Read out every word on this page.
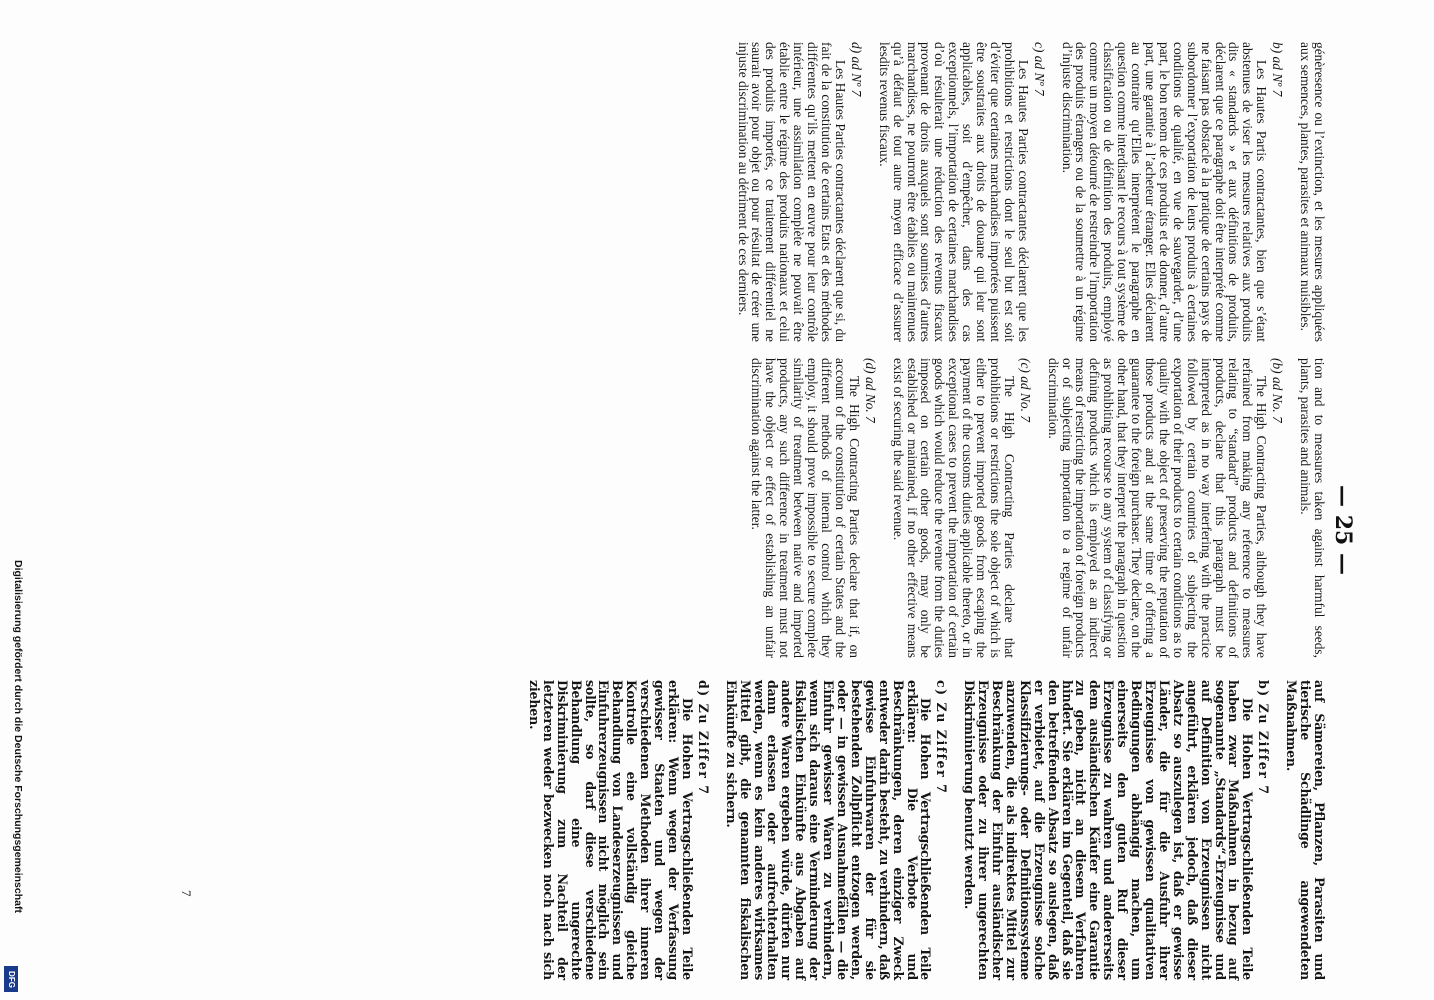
— 25 —

génèresence ou l’extinction, et les mesures appliquées aux semences, plantes, parasites et animaux nuisibles.

b) ad Nº 7

Les Hautes Partis contractantes, bien que s’étant abstenues de viser les mesures relatives aux produits dits « standards » et aux définitions de produits, déclarent que ce paragraphe doit être interprété comme ne faisant pas obstacle à la pratique de certains pays de subordonner l’exportation de leurs produits à certaines conditions de qualité, en vue de sauvegarder, d’une part, le bon renom de ces produits et de donner, d’autre part, une garantie à l’acheteur étranger. Elles déclarent au contraire qu’Elles interprètent le paragraphe en question comme interdisant le recours à tout système de classification ou de définition des produits, employé comme un moyen détourné de restreindre l’importation des produits étrangers ou de la soumettre à un régime d’injuste discrimination.

c) ad Nº 7

Les Hautes Parties contractantes déclarent que les prohibitions et restrictions dont le seul but est soit d’éviter que certaines marchandises importées puissent être soustraites aux droits de douane qui leur sont applicables, soit d’empêcher, dans des cas exceptionnels, l’importation de certaines marchandises d’où résulterait une réduction des revenus fiscaux provenant de droits auxquels sont soumises d’autres marchandises, ne pourront être établies ou maintenues qu’à défaut de tout autre moyen efficace d’assurer lesdits revenus fiscaux.

d) ad Nº 7

Les Hautes Parties contractantes déclarent que si, du fait de la constitution de certains Etats et des méthodes différentes qu’ils mettent en œuvre pour leur contrôle intérieur, une assimilation complète ne pouvait être établie entre le régime des produits nationaux et celui des produits importés, ce traitement différentiel ne saurait avoir pour objet ou pour résultat de créer une injuste discrimination au détriment de ces derniers.

tion and to measures taken against harmful seeds, plants, parasites and animals.

(b) ad No. 7

The High Contracting Parties, although they have refrained from making any reference to measures relating to “standard” products and definitions of products, declare that this paragraph must be interpreted as in no way interfering with the practice followed by certain countries of subjecting the exportation of their products to certain conditions as to quality with the object of preserving the reputation of those products and at the same time of offering a guarantee to the foreign purchaser. They declare, on the other hand, that they interpret the paragraph in question as prohibiting recourse to any system of classifying or defining products which is employed as an indirect means of restricting the importation of foreign products or of subjecting importation to a regime of unfair discrimination.

(c) ad No. 7

The High Contracting Parties declare that prohibitions or restrictions the sole object of which is either to prevent imported goods from escaping the payment of the customs duties applicable thereto, or in exceptional cases to prevent the importation of certain goods which would reduce the revenue from the duties imposed on certain other goods, may only be established or maintained, if no other effective means exist of securing the said revenue.

(d) ad No. 7

The High Contracting Parties declare that if, on account of the constitution of certain States and the different methods of internal control which they employ, it should prove impossible to secure complete similarity of treatment between native and imported products, any such difference in treatment must not have the object or effect of establishing an unfair discrimination against the latter.

auf Sämereien, Pflanzen, Parasiten und tierische Schädlinge angewendeten Maßnahmen.

b) Zu Ziffer 7

Die Hohen Vertragschließenden Teile haben zwar Maßnahmen in bezug auf sogenannte „Standards“-Erzeugnisse und auf Definition von Erzeugnissen nicht angeführt, erklären jedoch, daß dieser Absatz so auszulegen ist, daß er gewisse Länder, die für die Ausfuhr ihrer Erzeugnisse von gewissen qualitativen Bedingungen abhängig machen, um einerseits den guten Ruf dieser Erzeugnisse zu wahren und andererseits dem ausländischen Käufer eine Garantie zu geben, nicht an diesem Verfahren hindert. Sie erklären im Gegenteil, daß sie den betreffenden Absatz so auslegen, daß er verbietet, auf die Erzeugnisse solche Klassifizierungs- oder Definitionssysteme anzuwenden, die als indirektes Mittel zur Beschränkung der Einfuhr ausländischer Erzeugnisse oder zu ihrer ungerechten Diskriminierung benutzt werden.

c) Zu Ziffer 7

Die Hohen Vertragschließenden Teile erklären: Die Verbote und Beschränkungen, deren einziger Zweck entweder darin besteht, zu verhindern, daß gewisse Einfuhrwaren der für sie bestehenden Zollpflicht entzogen werden, oder — in gewissen Ausnahmefällen — die Einfuhr gewisser Waren zu verhindern, wenn sich daraus eine Verminderung der fiskalischen Einkünfte aus Abgaben auf andere Waren ergeben würde, dürfen nur dann erlassen oder aufrechterhalten werden, wenn es kein anderes wirksames Mittel gibt, die genannten fiskalischen Einkünfte zu sichern.

d) Zu Ziffer 7

Die Hohen Vertragschließenden Teile erklären: Wenn wegen der Verfassung gewisser Staaten und wegen der verschiedenen Methoden ihrer inneren Kontrolle eine vollständig gleiche Behandlung von Landeserzeugnissen und Einfuhrerzeugnissen nicht möglich sein sollte, so darf diese verschiedene Behandlung eine ungerechte Diskriminierung zum Nachteil der letzteren weder bezwecken noch nach sich ziehen.

7
Digitalisierung gefördert durch die Deutsche Forschungsgemeinschaft
DFG
